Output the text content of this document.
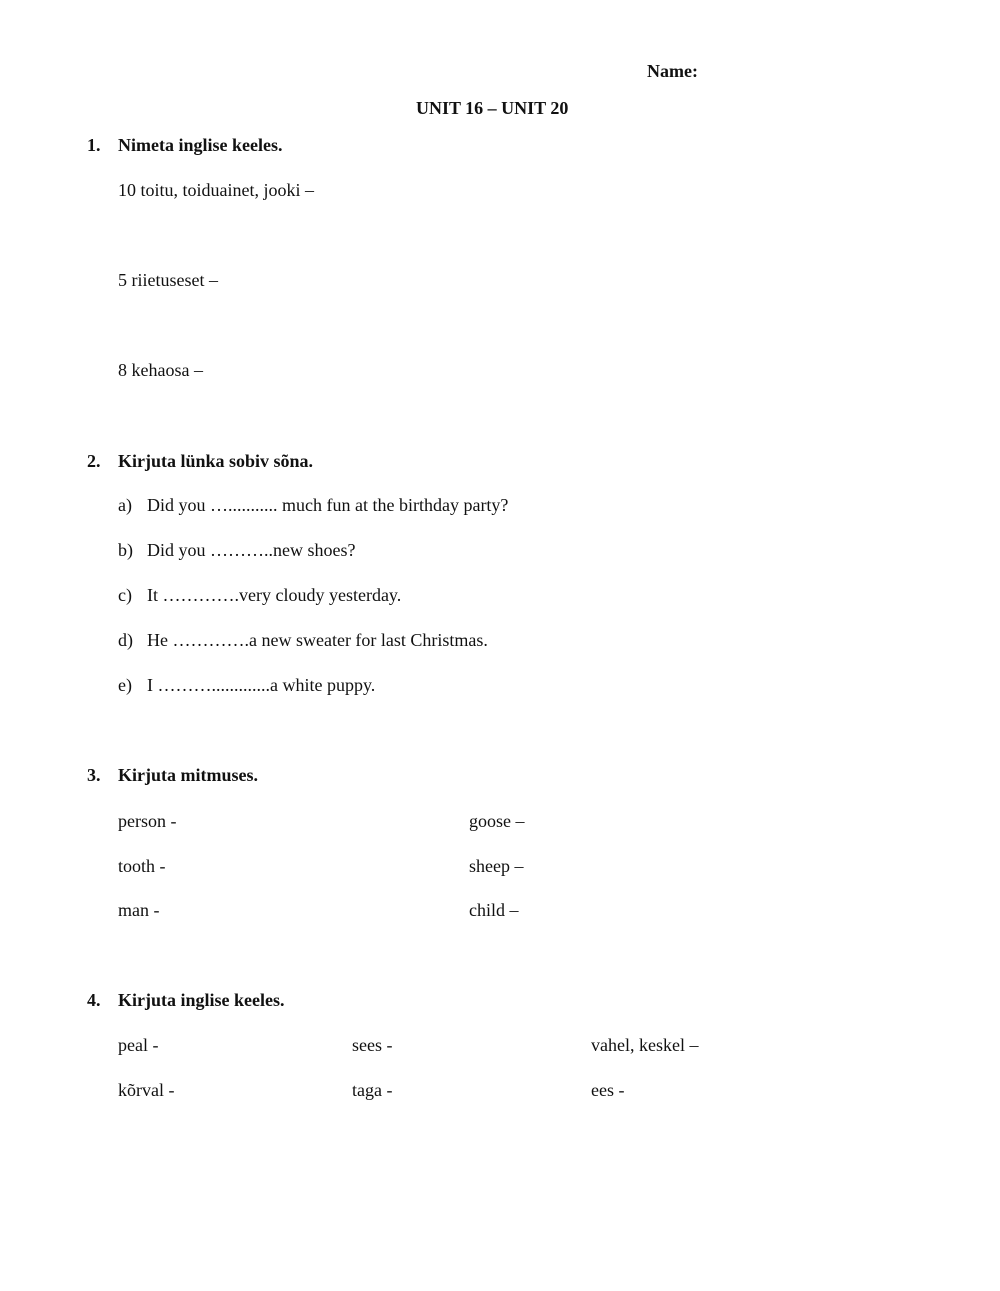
Name:
UNIT 16 – UNIT 20
1. Nimeta inglise keeles.
10 toitu, toiduainet, jooki –
5 riietuseset –
8 kehaosa –
2. Kirjuta lünka sobiv sõna.
a) Did you …........... much fun at the birthday party?
b) Did you ………..new shoes?
c) It ………….very cloudy yesterday.
d) He ………….a new sweater for last Christmas.
e) I ……….............a white puppy.
3. Kirjuta mitmuses.
person -	goose –
tooth -	sheep –
man -	child –
4. Kirjuta inglise keeles.
peal -	sees -	vahel, keskel –
kõrval -	taga -	ees -
